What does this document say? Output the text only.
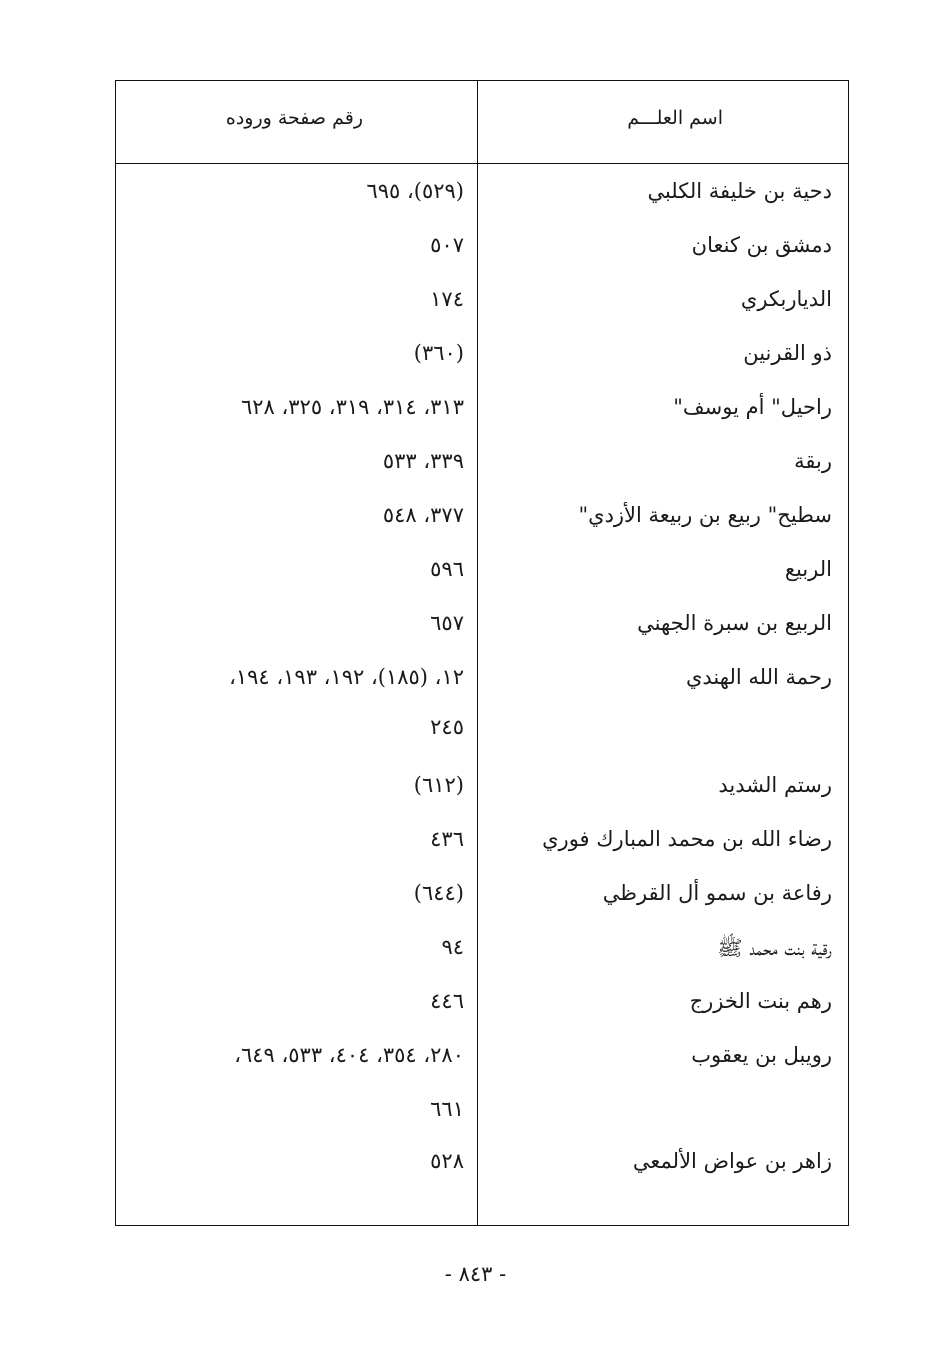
اسم العلـــم
رقم صفحة وروده
دحية بن خليفة الكلبي
(٥٢٩)، ٦٩٥
دمشق بن كنعان
٥٠٧
الدياربكري
١٧٤
ذو القرنين
(٣٦٠)
راحيل" أم يوسف"
٣١٣، ٣١٤، ٣١٩، ٣٢٥، ٦٢٨
ربقة
٣٣٩، ٥٣٣
سطيح" ربيع بن ربيعة الأزدي"
٣٧٧، ٥٤٨
الربيع
٥٩٦
الربيع بن سبرة الجهني
٦٥٧
رحمة الله الهندي
١٢، (١٨٥)، ١٩٢، ١٩٣، ١٩٤،
٢٤٥
رستم الشديد
(٦١٢)
رضاء الله بن محمد المبارك فوري
٤٣٦
رفاعة بن سمو أل القرظي
(٦٤٤)
رقية بنت محمد ﷺ
٩٤
رهم بنت الخزرج
٤٤٦
رويبل بن يعقوب
٢٨٠، ٣٥٤، ٤٠٤، ٥٣٣، ٦٤٩،
٦٦١
زاهر بن عواض الألمعي
٥٢٨
- ٨٤٣ -
